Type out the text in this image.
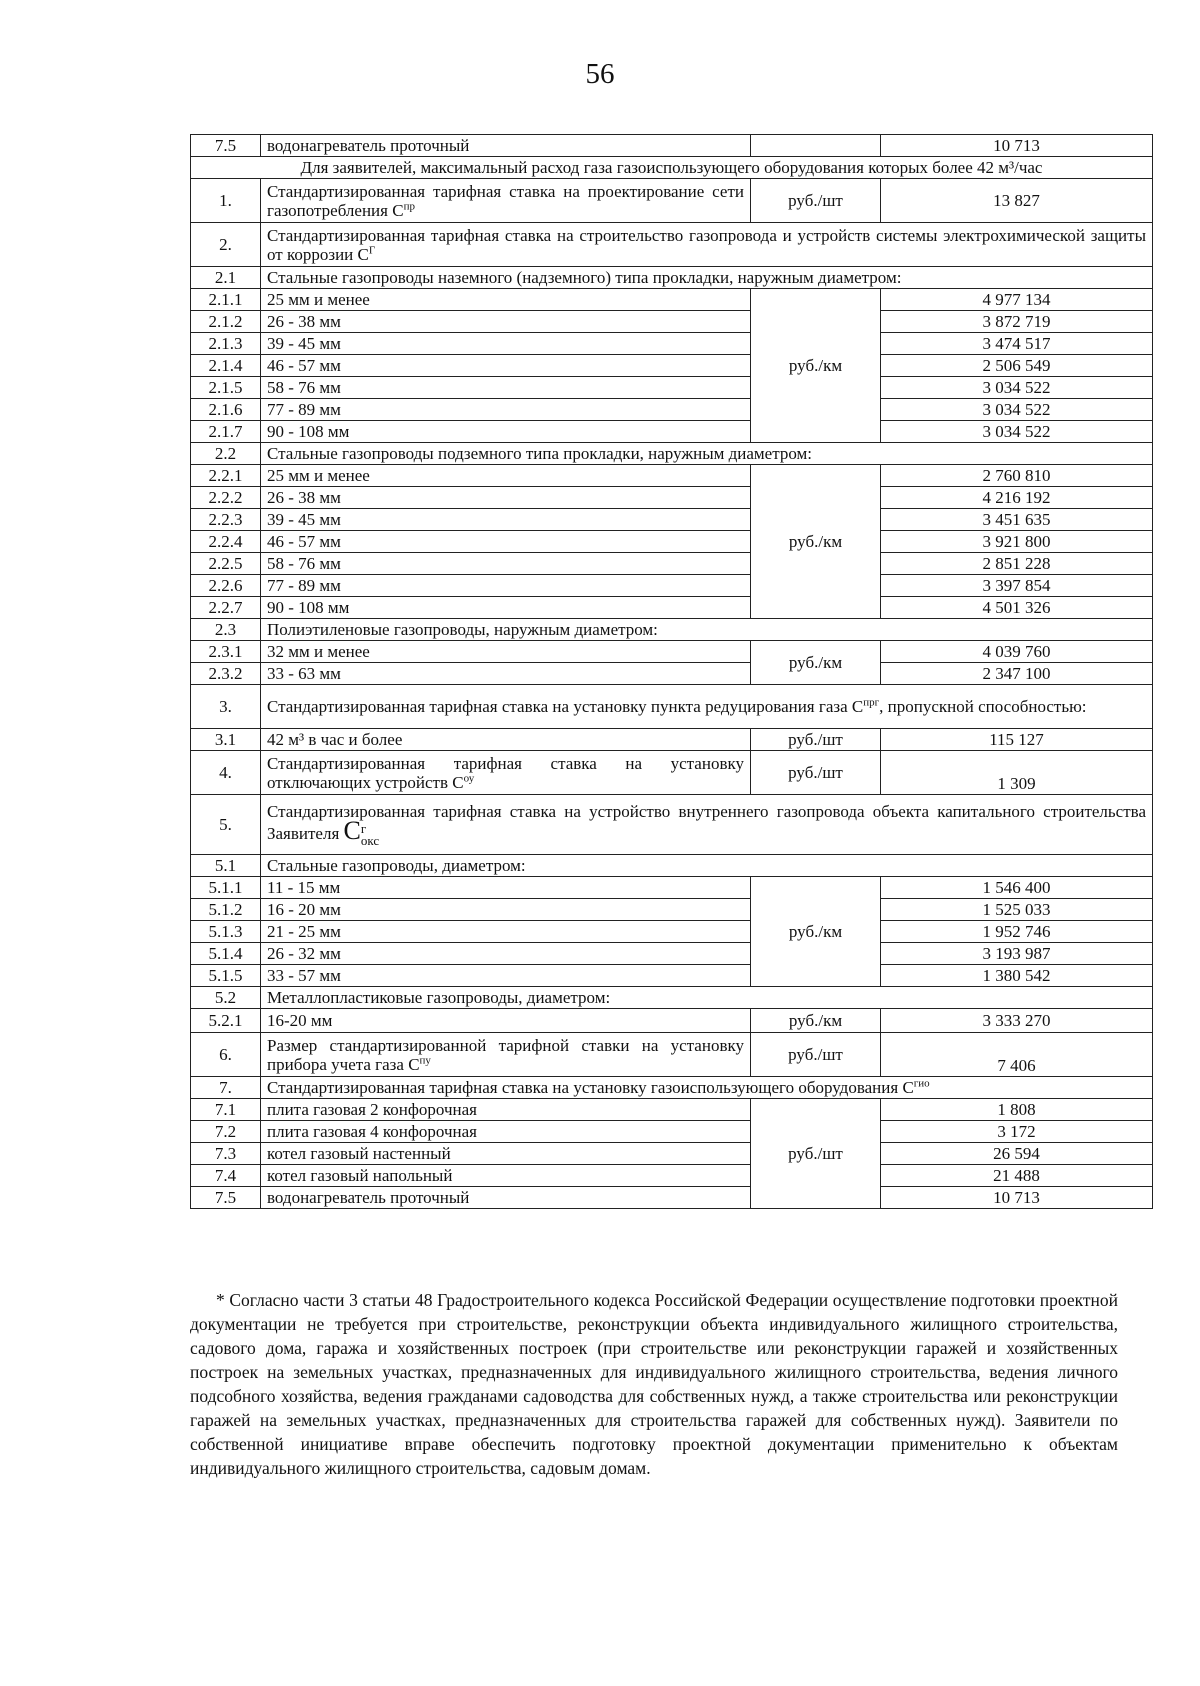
56
7.5	водонагреватель проточный		10 713
Для заявителей, максимальный расход газа газоиспользующего оборудования которых более 42 м³/час			
1.	Стандартизированная тарифная ставка на проектирование сети газопотребления $С^{пр}$	руб./шт	13 827
2.	Стандартизированная тарифная ставка на строительство газопровода и устройств системы электрохимической защиты от коррозии $С^Г$
2.1	Стальные газопроводы наземного (надземного) типа прокладки, наружным диаметром:		
2.1.1	25 мм и менее	руб./км	4 977 134
2.1.2	26 - 38 мм		3 872 719
2.1.3	39 - 45 мм		3 474 517
2.1.4	46 - 57 мм		2 506 549
2.1.5	58 - 76 мм		3 034 522
2.1.6	77 - 89 мм		3 034 522
2.1.7	90 - 108 мм		3 034 522
2.2	Стальные газопроводы подземного типа прокладки, наружным диаметром:		
2.2.1	25 мм и менее	руб./км	2 760 810
2.2.2	26 - 38 мм		4 216 192
2.2.3	39 - 45 мм		3 451 635
2.2.4	46 - 57 мм		3 921 800
2.2.5	58 - 76 мм		2 851 228
2.2.6	77 - 89 мм		3 397 854
2.2.7	90 - 108 мм		4 501 326
2.3	Полиэтиленовые газопроводы, наружным диаметром:		
2.3.1	32 мм и менее	руб./км	4 039 760
2.3.2	33 - 63 мм		2 347 100
3.	Стандартизированная тарифная ставка на установку пункта редуцирования газа $С^{прг}$, пропускной способностью:		
3.1	42 м³ в час и более	руб./шт	115 127
4.	Стандартизированная тарифная ставка на установку отключающих устройств $С^{оу}$	руб./шт	1 309
5.	Стандартизированная тарифная ставка на устройство внутреннего газопровода объекта капитального строительства Заявителя Сг
окс		
5.1	Стальные газопроводы, диаметром:		
5.1.1	11 - 15 мм	руб./км	1 546 400
5.1.2	16 - 20 мм		1 525 033
5.1.3	21 - 25 мм		1 952 746
5.1.4	26 - 32 мм		3 193 987
5.1.5	33 - 57 мм		1 380 542
5.2	Металлопластиковые газопроводы, диаметром:		
5.2.1	16-20 мм	руб./км	3 333 270
6.	Размер стандартизированной тарифной ставки на установку прибора учета газа $С^{пу}$	руб./шт	7 406
7.	Стандартизированная тарифная ставка на установку газоиспользующего оборудования $С^{гио}$
7.1	плита газовая 2 конфорочная	руб./шт	1 808
7.2	плита газовая 4 конфорочная		3 172
7.3	котел газовый настенный		26 594
7.4	котел газовый напольный		21 488
7.5	водонагреватель проточный		10 713
* Согласно части 3 статьи 48 Градостроительного кодекса Российской Федерации осуществление подготовки проектной документации не требуется при строительстве, реконструкции объекта индивидуального жилищного строительства, садового дома, гаража и хозяйственных построек (при строительстве или реконструкции гаражей и хозяйственных построек на земельных участках, предназначенных для индивидуального жилищного строительства, ведения личного подсобного хозяйства, ведения гражданами садоводства для собственных нужд, а также строительства или реконструкции гаражей на земельных участках, предназначенных для строительства гаражей для собственных нужд). Заявители по собственной инициативе вправе обеспечить подготовку проектной документации применительно к объектам индивидуального жилищного строительства, садовым домам.
